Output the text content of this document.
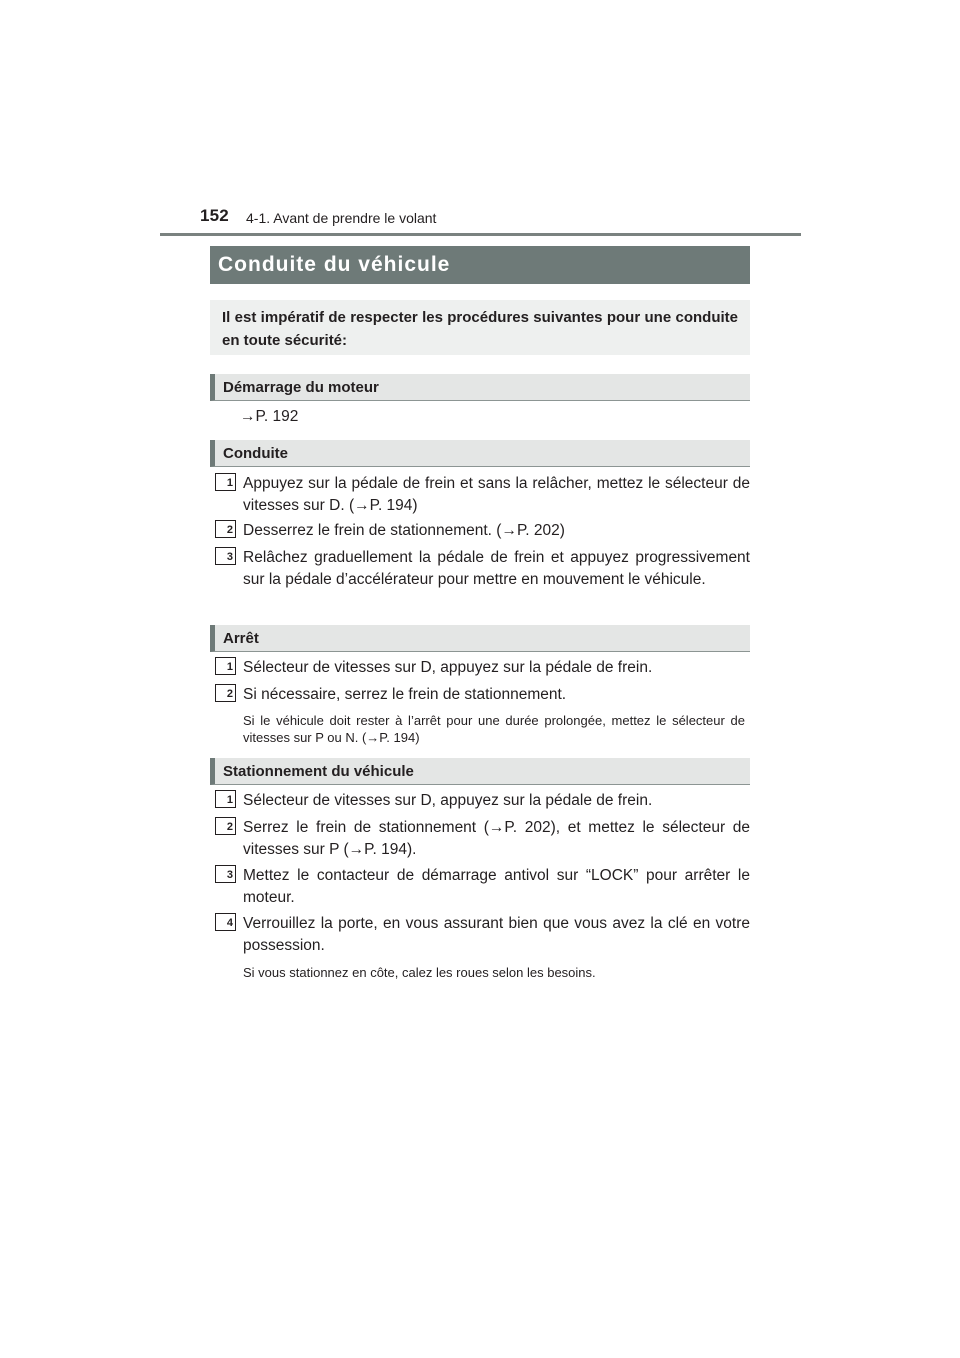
152 4-1. Avant de prendre le volant
Conduite du véhicule

Il est impératif de respecter les procédures suivantes pour une conduite en toute sécurité:

Démarrage du moteur
→P. 192
Conduite
1 Appuyez sur la pédale de frein et sans la relâcher, mettez le sélecteur de vitesses sur D. (→P. 194)
2 Desserrez le frein de stationnement. (→P. 202)
3 Relâchez graduellement la pédale de frein et appuyez progressivement sur la pédale d’accélérateur pour mettre en mouvement le véhicule.
Arrêt
1 Sélecteur de vitesses sur D, appuyez sur la pédale de frein.
2 Si nécessaire, serrez le frein de stationnement.
Si le véhicule doit rester à l’arrêt pour une durée prolongée, mettez le sélecteur de vitesses sur P ou N. (→P. 194)
Stationnement du véhicule
1 Sélecteur de vitesses sur D, appuyez sur la pédale de frein.
2 Serrez le frein de stationnement (→P. 202), et mettez le sélecteur de vitesses sur P (→P. 194).
3 Mettez le contacteur de démarrage antivol sur “LOCK” pour arrêter le moteur.
4 Verrouillez la porte, en vous assurant bien que vous avez la clé en votre possession.
Si vous stationnez en côte, calez les roues selon les besoins.
